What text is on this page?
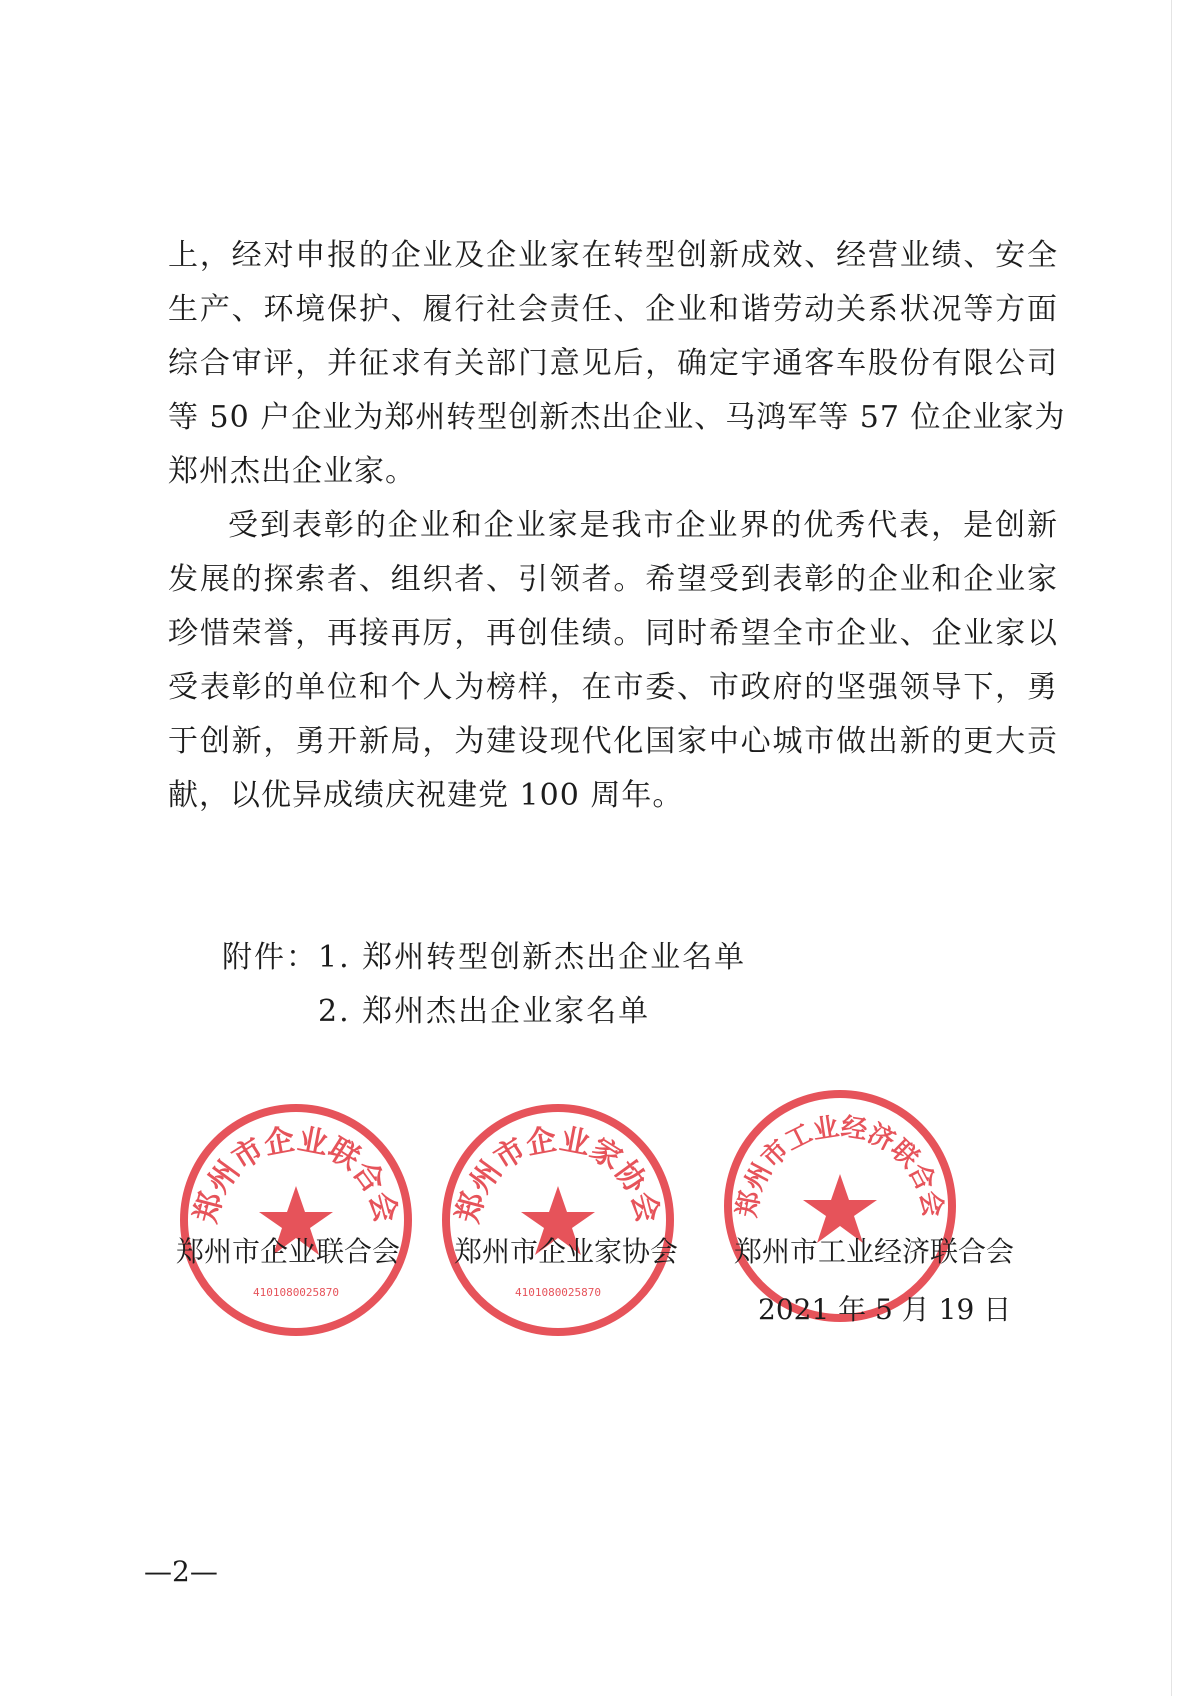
上，经对申报的企业及企业家在转型创新成效、经营业绩、安全
生产、环境保护、履行社会责任、企业和谐劳动关系状况等方面
综合审评，并征求有关部门意见后，确定宇通客车股份有限公司
等 50 户企业为郑州转型创新杰出企业、马鸿军等 57 位企业家为
郑州杰出企业家。
受到表彰的企业和企业家是我市企业界的优秀代表，是创新
发展的探索者、组织者、引领者。希望受到表彰的企业和企业家
珍惜荣誉，再接再厉，再创佳绩。同时希望全市企业、企业家以
受表彰的单位和个人为榜样，在市委、市政府的坚强领导下，勇
于创新，勇开新局，为建设现代化国家中心城市做出新的更大贡
献，以优异成绩庆祝建党 100 周年。
附件： 1. 郑州转型创新杰出企业名单
2. 郑州杰出企业家名单
郑州市企业联合会
4101080025870
郑州市企业家协会
4101080025870
郑州市工业经济联合会
郑州市企业联合会 郑州市企业家协会 郑州市工业经济联合会
2021 年 5 月 19 日
—2—
